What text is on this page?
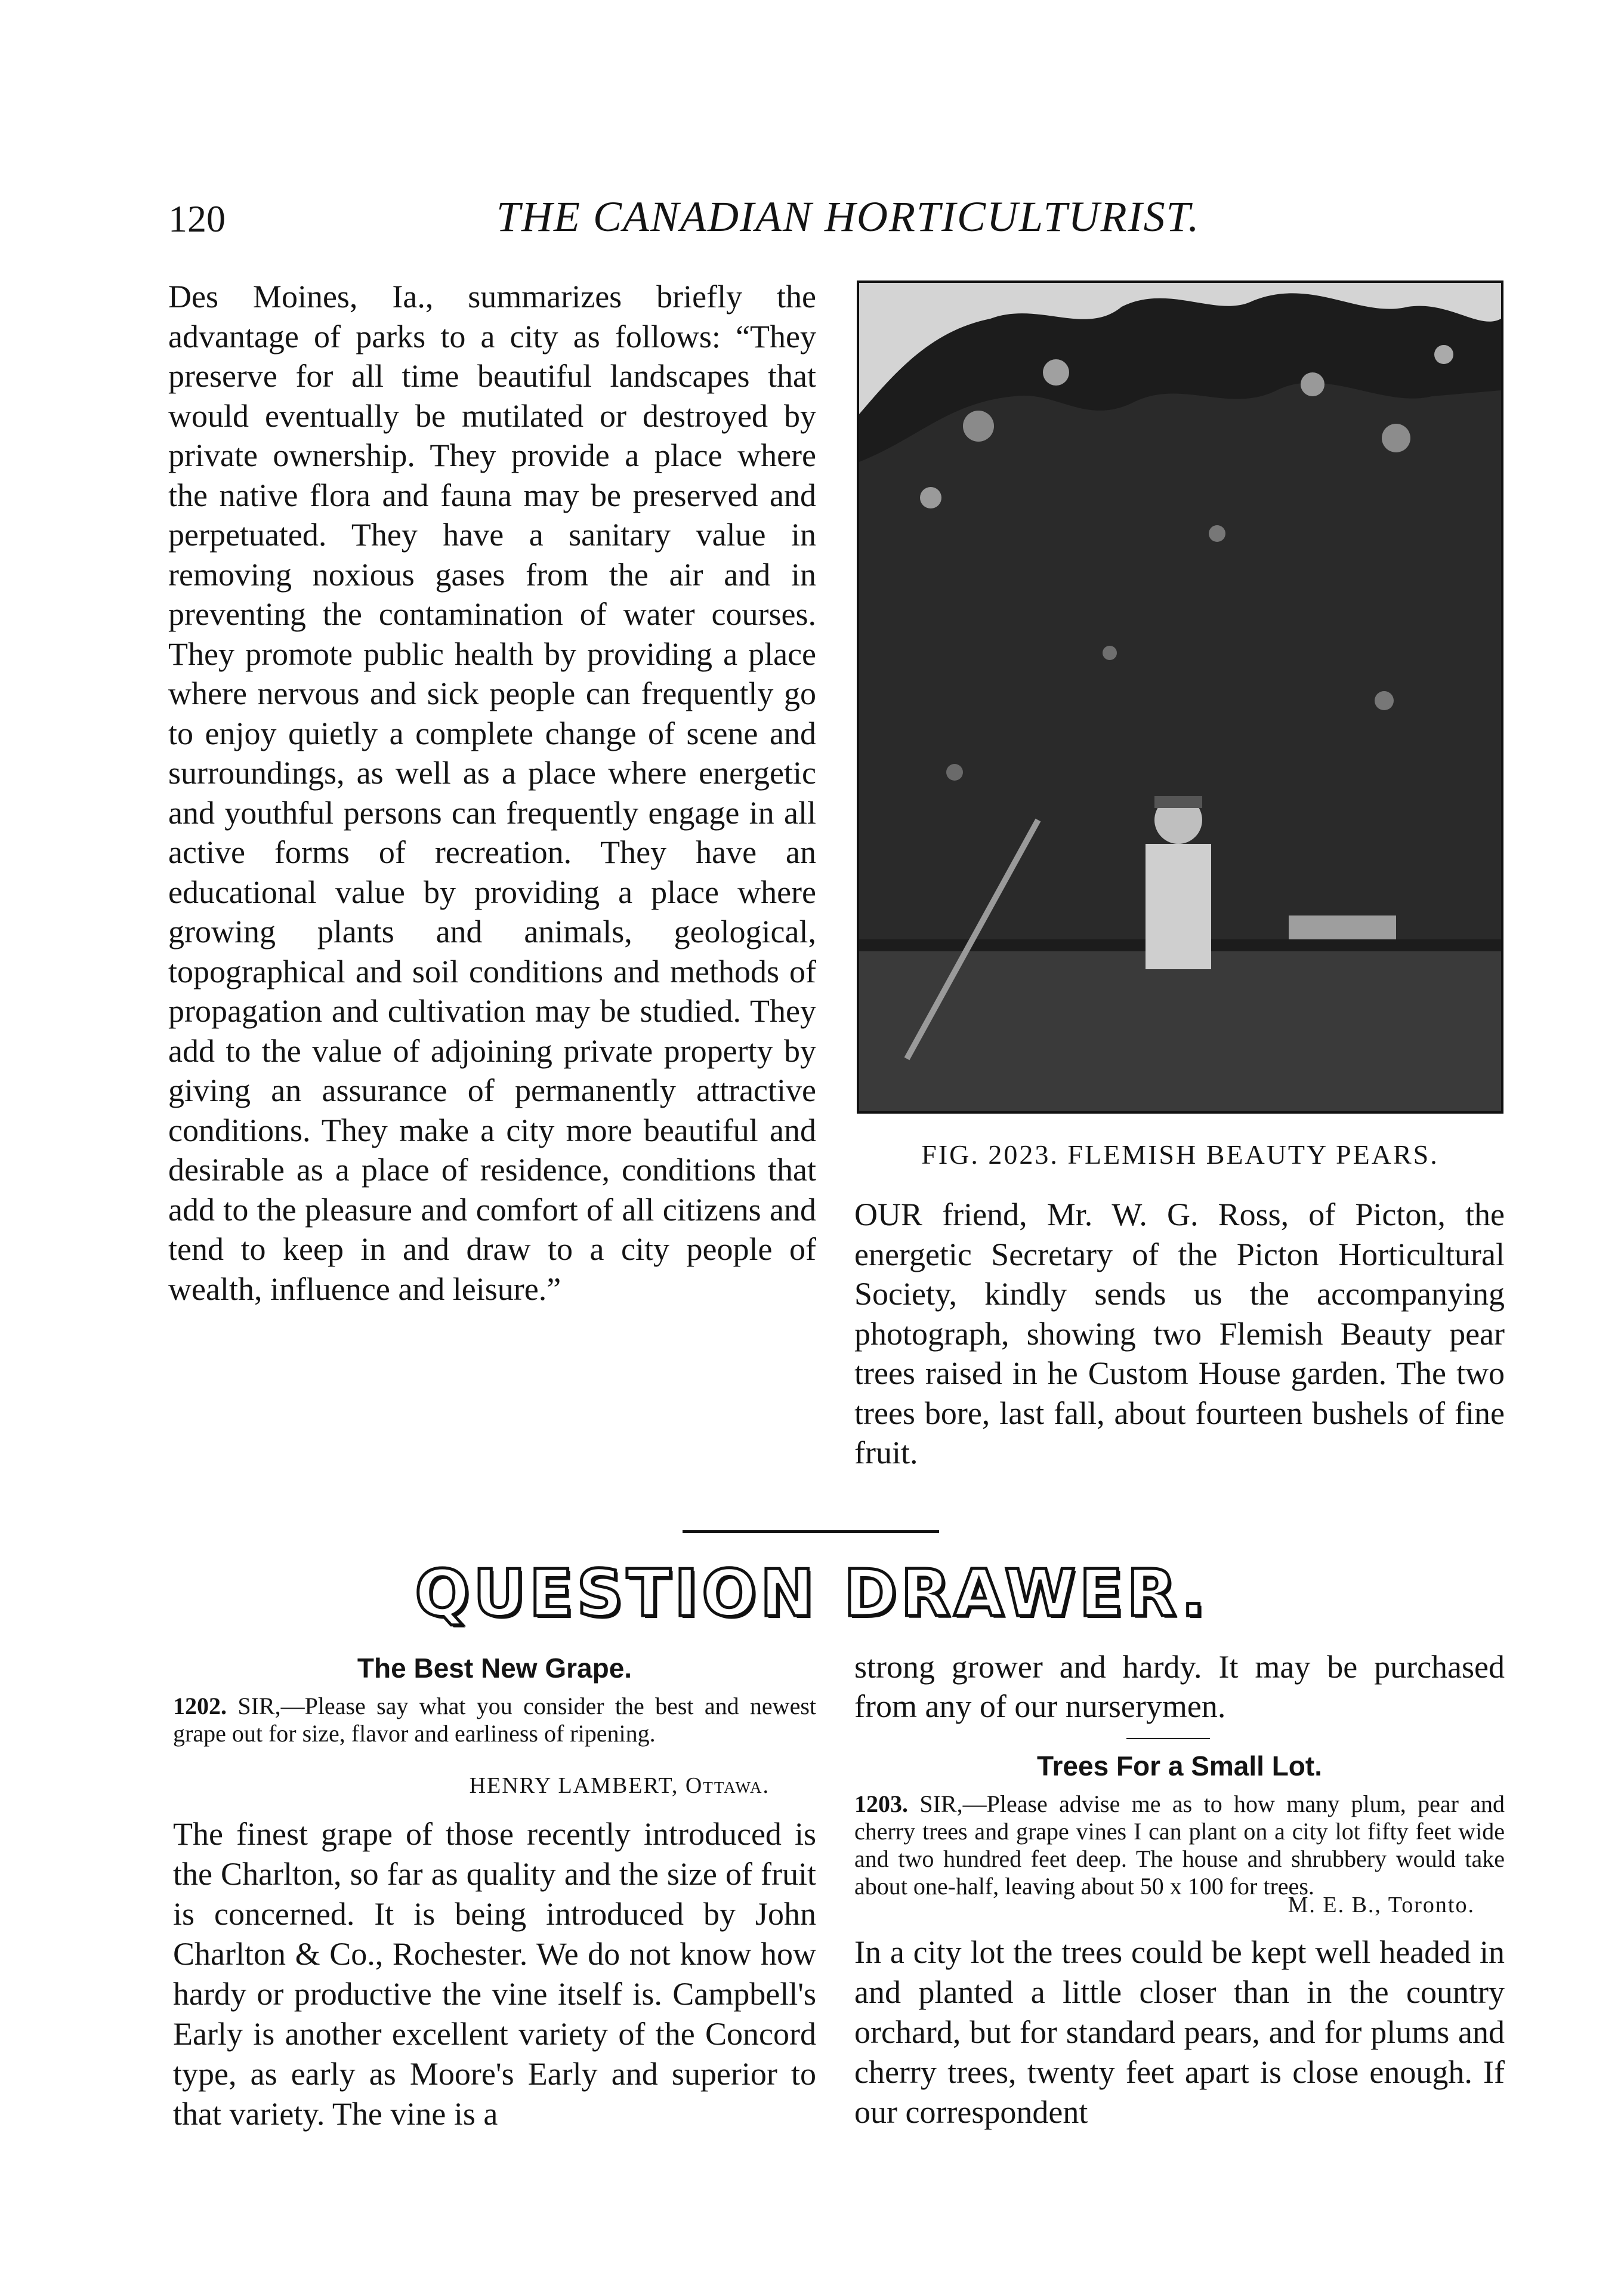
120	THE CANADIAN HORTICULTURIST.

Des Moines, Ia., summarizes briefly the advantage of parks to a city as follows: “They preserve for all time beautiful landscapes that would eventually be mutilated or destroyed by private ownership. They provide a place where the native flora and fauna may be preserved and perpetuated. They have a sanitary value in removing noxious gases from the air and in preventing the contamination of water courses. They promote public health by providing a place where nervous and sick people can frequently go to enjoy quietly a complete change of scene and surroundings, as well as a place where energetic and youthful persons can frequently engage in all active forms of recreation. They have an educational value by providing a place where growing plants and animals, geological, topographical and soil conditions and methods of propagation and cultivation may be studied. They add to the value of adjoining private property by giving an assurance of permanently attractive conditions. They make a city more beautiful and desirable as a place of residence, conditions that add to the pleasure and comfort of all citizens and tend to keep in and draw to a city people of wealth, influence and leisure.”

FIG. 2023. FLEMISH BEAUTY PEARS.

OUR friend, Mr. W. G. Ross, of Picton, the energetic Secretary of the Picton Horticultural Society, kindly sends us the accompanying photograph, showing two Flemish Beauty pear trees raised in he Custom House garden. The two trees bore, last fall, about fourteen bushels of fine fruit.

QUESTION DRAWER.
The Best New Grape.
1202. SIR,—Please say what you consider the best and newest grape out for size, flavor and earliness of ripening.
HENRY LAMBERT, Ottawa.
The finest grape of those recently introduced is the Charlton, so far as quality and the size of fruit is concerned. It is being introduced by John Charlton & Co., Rochester. We do not know how hardy or productive the vine itself is. Campbell's Early is another excellent variety of the Concord type, as early as Moore's Early and superior to that variety. The vine is a
strong grower and hardy. It may be purchased from any of our nurserymen.
Trees For a Small Lot.
1203. SIR,—Please advise me as to how many plum, pear and cherry trees and grape vines I can plant on a city lot fifty feet wide and two hundred feet deep. The house and shrubbery would take about one-half, leaving about 50 x 100 for trees.
M. E. B., Toronto.
In a city lot the trees could be kept well headed in and planted a little closer than in the country orchard, but for standard pears, and for plums and cherry trees, twenty feet apart is close enough. If our correspondent
